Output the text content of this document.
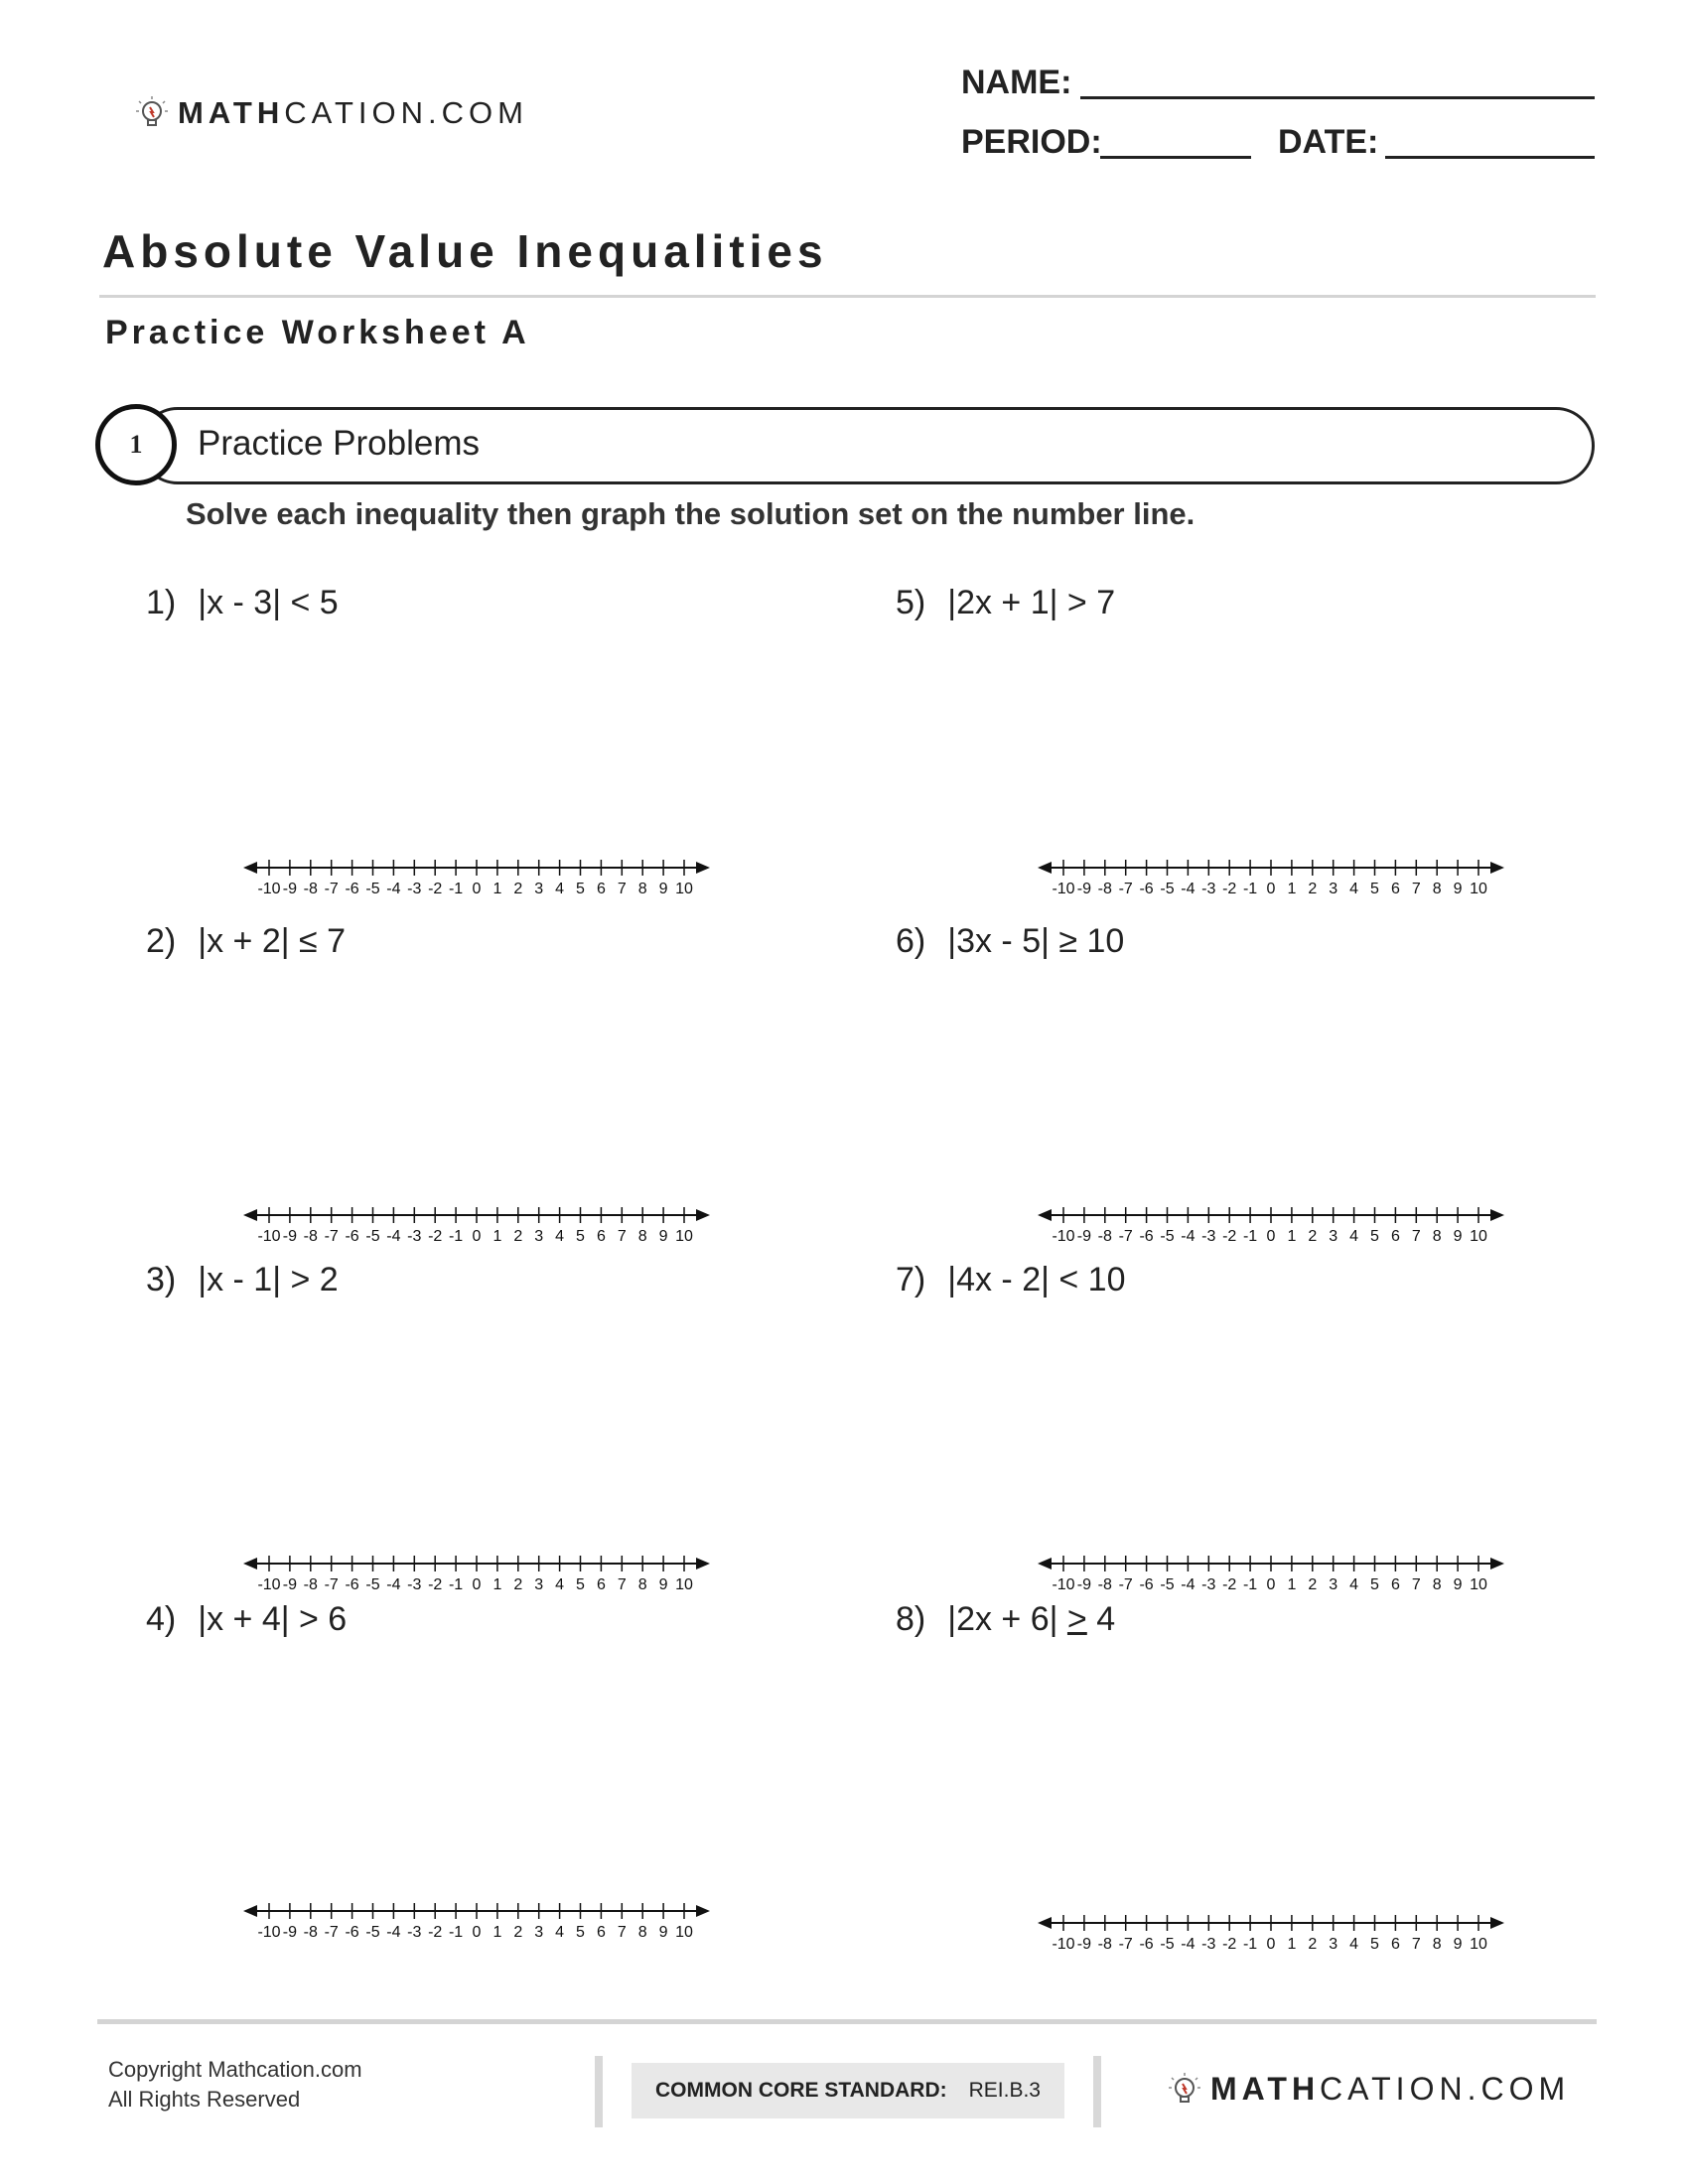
MATHCATION.COM
NAME:
PERIOD:	DATE:
Absolute Value Inequalities
Practice Worksheet A
1	Practice Problems
Solve each inequality then graph the solution set on the number line.
1) |x - 3| < 5
2) |x + 2| ≤ 7
3) |x - 1| > 2
4) |x + 4| > 6
5) |2x + 1| > 7
6) |3x - 5| ≥ 10
7) |4x - 2| < 10
8) |2x + 6| > 4
-10 -9 -8 -7 -6 -5 -4 -3 -2 -1 0 1 2 3 4 5 6 7 8 9 10
-10 -9 -8 -7 -6 -5 -4 -3 -2 -1 0 1 2 3 4 5 6 7 8 9 10
-10 -9 -8 -7 -6 -5 -4 -3 -2 -1 0 1 2 3 4 5 6 7 8 9 10
-10 -9 -8 -7 -6 -5 -4 -3 -2 -1 0 1 2 3 4 5 6 7 8 9 10
-10 -9 -8 -7 -6 -5 -4 -3 -2 -1 0 1 2 3 4 5 6 7 8 9 10
-10 -9 -8 -7 -6 -5 -4 -3 -2 -1 0 1 2 3 4 5 6 7 8 9 10
-10 -9 -8 -7 -6 -5 -4 -3 -2 -1 0 1 2 3 4 5 6 7 8 9 10
-10 -9 -8 -7 -6 -5 -4 -3 -2 -1 0 1 2 3 4 5 6 7 8 9 10
Copyright Mathcation.com
All Rights Reserved	COMMON CORE STANDARD: REI.B.3	MATHCATION.COM
